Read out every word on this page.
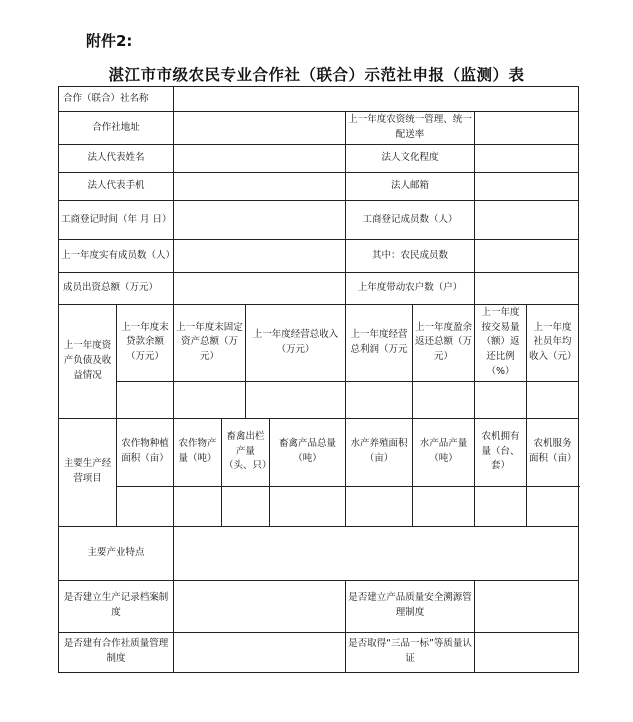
附件2:
湛江市市级农民专业合作社（联合）示范社申报（监测）表
合作（联合）社名称									
合作社地址						上一年度农资统一管理、统一配送率			
法人代表姓名						法人文化程度			
法人代表手机						法人邮箱			
工商登记时间（年 月 日）						工商登记成员数（人）			
上一年度实有成员数（人）						其中：农民成员数			
成员出资总额（万元）						上年度带动农户数（户）			
上一年度资产负债及收益情况	上一年度末贷款余额（万元）	上一年度末固定资产总额（万元）		上一年度经营总收入（万元）		上一年度经营总利润（万元	上一年度盈余返还总额（万元）	上一年度按交易量（额）返还比例（%）	上一年度社员年均收入（元）

主要生产经营项目	农作物种植面积（亩）	农作物产量（吨）	畜禽出栏产量（头、只）		畜禽产品总量（吨）	水产养殖面积（亩）	水产品产量（吨）	农机拥有量（台、套）	农机服务面积（亩）

主要产业特点									
是否建立生产记录档案制度						是否建立产品质量安全溯源管理制度			
是否建有合作社质量管理制度						是否取得“三品一标”等质量认证			
